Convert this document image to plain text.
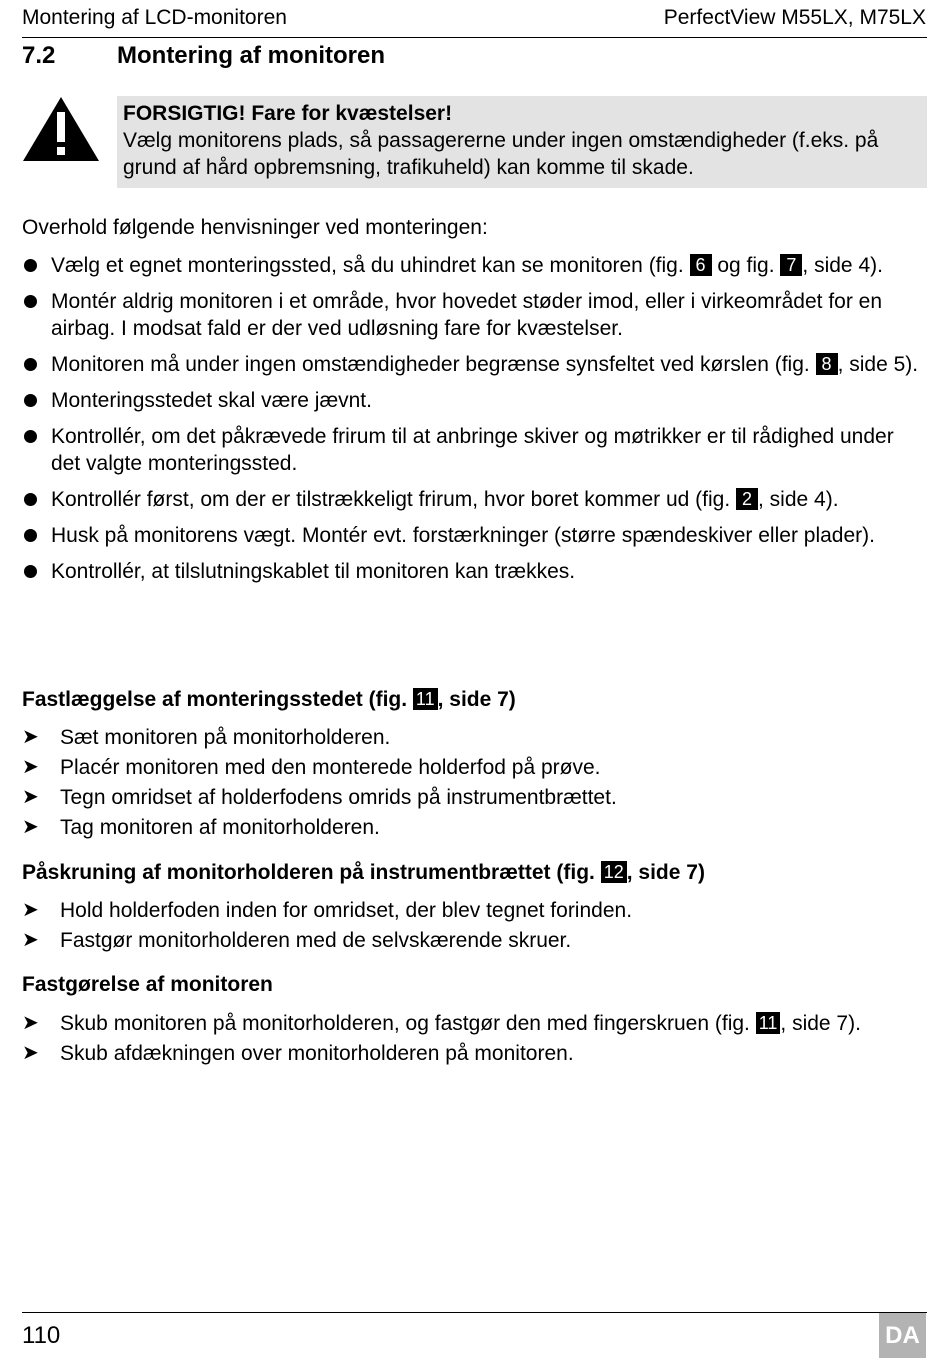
Montering af LCD-monitoren	PerfectView M55LX, M75LX
7.2	Montering af monitoren
FORSIGTIG! Fare for kvæstelser!
Vælg monitorens plads, så passagererne under ingen omstændigheder (f.eks. på grund af hård opbremsning, trafikuheld) kan komme til skade.
Overhold følgende henvisninger ved monteringen:
Vælg et egnet monteringssted, så du uhindret kan se monitoren (fig. 6 og fig. 7 , side 4).
Montér aldrig monitoren i et område, hvor hovedet støder imod, eller i virkeområdet for en airbag. I modsat fald er der ved udløsning fare for kvæstelser.
Monitoren må under ingen omstændigheder begrænse synsfeltet ved kørslen (fig. 8 , side 5).
Monteringsstedet skal være jævnt.
Kontrollér, om det påkrævede frirum til at anbringe skiver og møtrikker er til rådighed under det valgte monteringssted.
Kontrollér først, om der er tilstrækkeligt frirum, hvor boret kommer ud (fig. 2 , side 4).
Husk på monitorens vægt. Montér evt. forstærkninger (større spændeskiver eller plader).
Kontrollér, at tilslutningskablet til monitoren kan trækkes.
Fastlæggelse af monteringsstedet (fig. 11 , side 7)
➤ Sæt monitoren på monitorholderen.
➤ Placér monitoren med den monterede holderfod på prøve.
➤ Tegn omridset af holderfodens omrids på instrumentbrættet.
➤ Tag monitoren af monitorholderen.
Påskruning af monitorholderen på instrumentbrættet (fig. 12 , side 7)
➤ Hold holderfoden inden for omridset, der blev tegnet forinden.
➤ Fastgør monitorholderen med de selvskærende skruer.
Fastgørelse af monitoren
➤ Skub monitoren på monitorholderen, og fastgør den med fingerskruen (fig. 11 , side 7).
➤ Skub afdækningen over monitorholderen på monitoren.
110	DA
